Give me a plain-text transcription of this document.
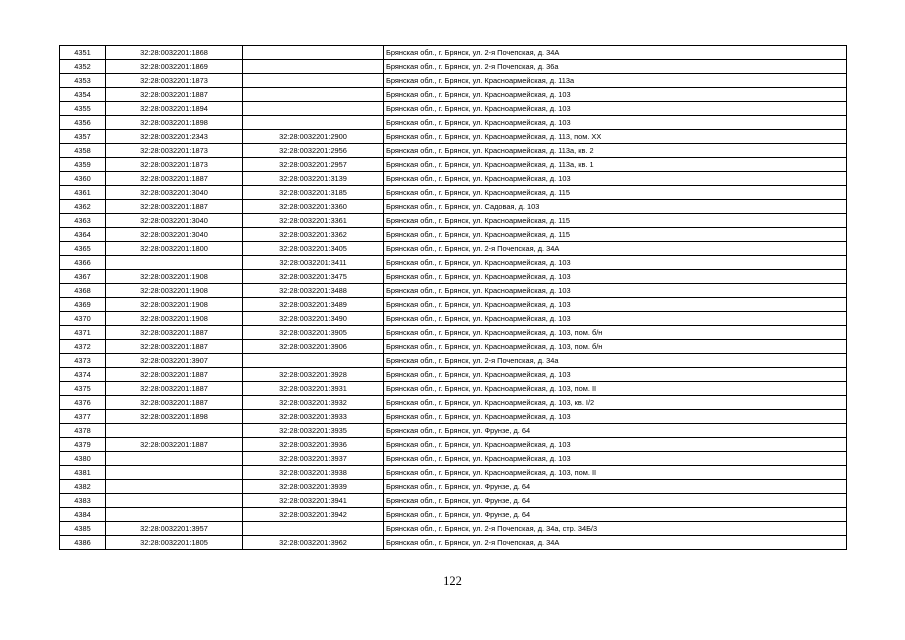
4351	32:28:0032201:1868		Брянская обл., г. Брянск, ул. 2-я Почепская, д. 34А
4352	32:28:0032201:1869		Брянская обл., г. Брянск, ул. 2-я Почепская, д. 36а
4353	32:28:0032201:1873		Брянская обл., г. Брянск, ул. Красноармейская, д. 113а
4354	32:28:0032201:1887		Брянская обл., г. Брянск, ул. Красноармейская, д. 103
4355	32:28:0032201:1894		Брянская обл., г. Брянск, ул. Красноармейская, д. 103
4356	32:28:0032201:1898		Брянская обл., г. Брянск, ул. Красноармейская, д. 103
4357	32:28:0032201:2343	32:28:0032201:2900	Брянская обл., г. Брянск, ул. Красноармейская, д. 113, пом. XX
4358	32:28:0032201:1873	32:28:0032201:2956	Брянская обл., г. Брянск, ул. Красноармейская, д. 113а, кв. 2
4359	32:28:0032201:1873	32:28:0032201:2957	Брянская обл., г. Брянск, ул. Красноармейская, д. 113а, кв. 1
4360	32:28:0032201:1887	32:28:0032201:3139	Брянская обл., г. Брянск, ул. Красноармейская, д. 103
4361	32:28:0032201:3040	32:28:0032201:3185	Брянская обл., г. Брянск, ул. Красноармейская, д. 115
4362	32:28:0032201:1887	32:28:0032201:3360	Брянская обл., г. Брянск, ул. Садовая, д. 103
4363	32:28:0032201:3040	32:28:0032201:3361	Брянская обл., г. Брянск, ул. Красноармейская, д. 115
4364	32:28:0032201:3040	32:28:0032201:3362	Брянская обл., г. Брянск, ул. Красноармейская, д. 115
4365	32:28:0032201:1800	32:28:0032201:3405	Брянская обл., г. Брянск, ул. 2-я Почепская, д. 34А
4366		32:28:0032201:3411	Брянская обл., г. Брянск, ул. Красноармейская, д. 103
4367	32:28:0032201:1908	32:28:0032201:3475	Брянская обл., г. Брянск, ул. Красноармейская, д. 103
4368	32:28:0032201:1908	32:28:0032201:3488	Брянская обл., г. Брянск, ул. Красноармейская, д. 103
4369	32:28:0032201:1908	32:28:0032201:3489	Брянская обл., г. Брянск, ул. Красноармейская, д. 103
4370	32:28:0032201:1908	32:28:0032201:3490	Брянская обл., г. Брянск, ул. Красноармейская, д. 103
4371	32:28:0032201:1887	32:28:0032201:3905	Брянская обл., г. Брянск, ул. Красноармейская, д. 103, пом. б/н
4372	32:28:0032201:1887	32:28:0032201:3906	Брянская обл., г. Брянск, ул. Красноармейская, д. 103, пом. б/н
4373	32:28:0032201:3907		Брянская обл., г. Брянск, ул. 2-я Почепская, д. 34а
4374	32:28:0032201:1887	32:28:0032201:3928	Брянская обл., г. Брянск, ул. Красноармейская, д. 103
4375	32:28:0032201:1887	32:28:0032201:3931	Брянская обл., г. Брянск, ул. Красноармейская, д. 103, пом. II
4376	32:28:0032201:1887	32:28:0032201:3932	Брянская обл., г. Брянск, ул. Красноармейская, д. 103, кв. I/2
4377	32:28:0032201:1898	32:28:0032201:3933	Брянская обл., г. Брянск, ул. Красноармейская, д. 103
4378		32:28:0032201:3935	Брянская обл., г. Брянск, ул. Фрунзе, д. 64
4379	32:28:0032201:1887	32:28:0032201:3936	Брянская обл., г. Брянск, ул. Красноармейская, д. 103
4380		32:28:0032201:3937	Брянская обл., г. Брянск, ул. Красноармейская, д. 103
4381		32:28:0032201:3938	Брянская обл., г. Брянск, ул. Красноармейская, д. 103, пом. II
4382		32:28:0032201:3939	Брянская обл., г. Брянск, ул. Фрунзе, д. 64
4383		32:28:0032201:3941	Брянская обл., г. Брянск, ул. Фрунзе, д. 64
4384		32:28:0032201:3942	Брянская обл., г. Брянск, ул. Фрунзе, д. 64
4385	32:28:0032201:3957		Брянская обл., г. Брянск, ул. 2-я Почепская, д. 34а, стр. 34Б/3
4386	32:28:0032201:1805	32:28:0032201:3962	Брянская обл., г. Брянск, ул. 2-я Почепская, д. 34А
122
